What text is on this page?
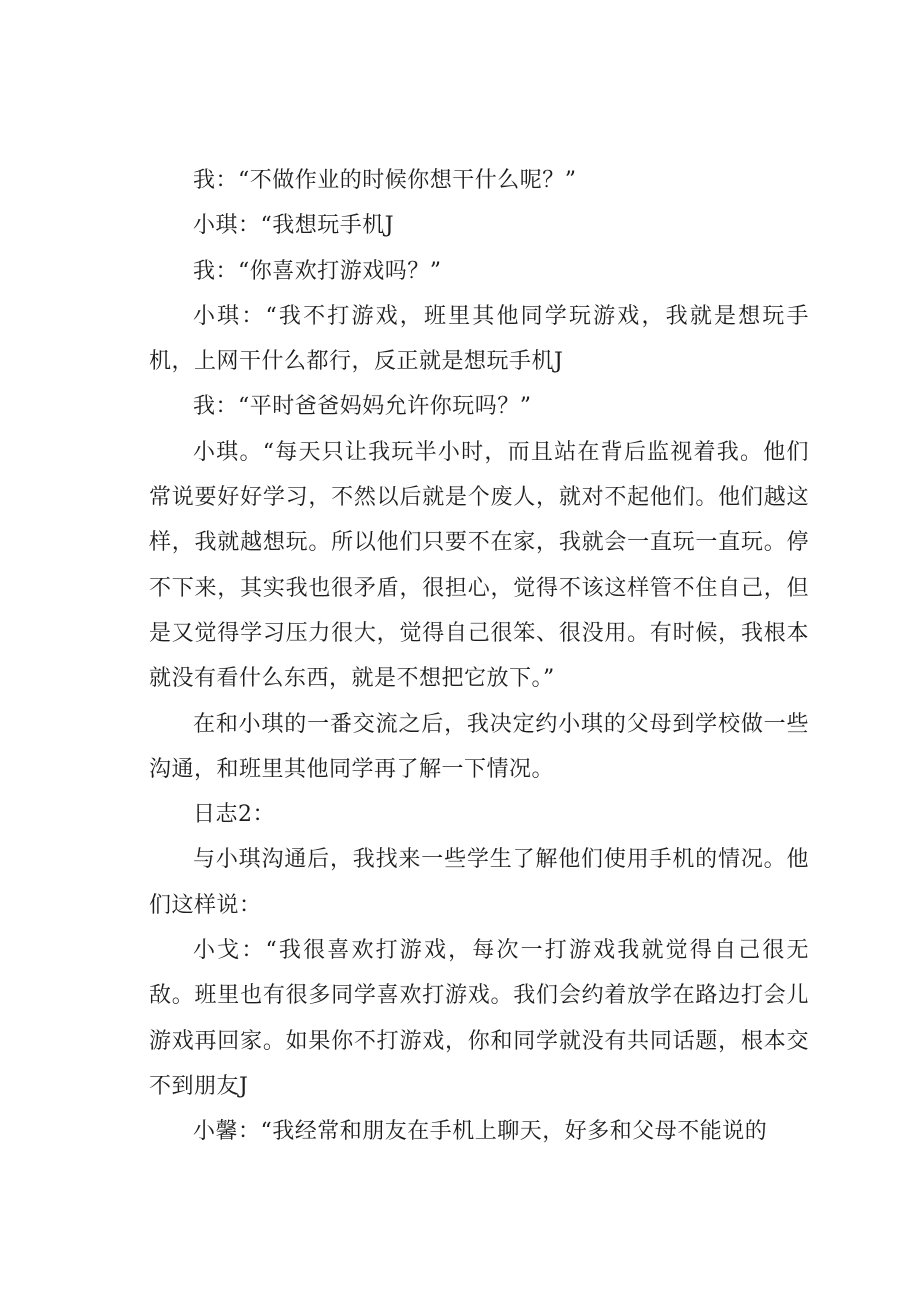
我：“不做作业的时候你想干什么呢？”

小琪：“我想玩手机J

我：“你喜欢打游戏吗？”

小琪：“我不打游戏，班里其他同学玩游戏，我就是想玩手机，上网干什么都行，反正就是想玩手机J

我：“平时爸爸妈妈允许你玩吗？”

小琪。“每天只让我玩半小时，而且站在背后监视着我。他们常说要好好学习，不然以后就是个废人，就对不起他们。他们越这样，我就越想玩。所以他们只要不在家，我就会一直玩一直玩。停不下来，其实我也很矛盾，很担心，觉得不该这样管不住自己，但是又觉得学习压力很大，觉得自己很笨、很没用。有时候，我根本就没有看什么东西，就是不想把它放下。”

在和小琪的一番交流之后，我决定约小琪的父母到学校做一些沟通，和班里其他同学再了解一下情况。

日志2：

与小琪沟通后，我找来一些学生了解他们使用手机的情况。他们这样说：

小戈：“我很喜欢打游戏，每次一打游戏我就觉得自己很无敌。班里也有很多同学喜欢打游戏。我们会约着放学在路边打会儿游戏再回家。如果你不打游戏，你和同学就没有共同话题，根本交不到朋友J

小馨：“我经常和朋友在手机上聊天，好多和父母不能说的
